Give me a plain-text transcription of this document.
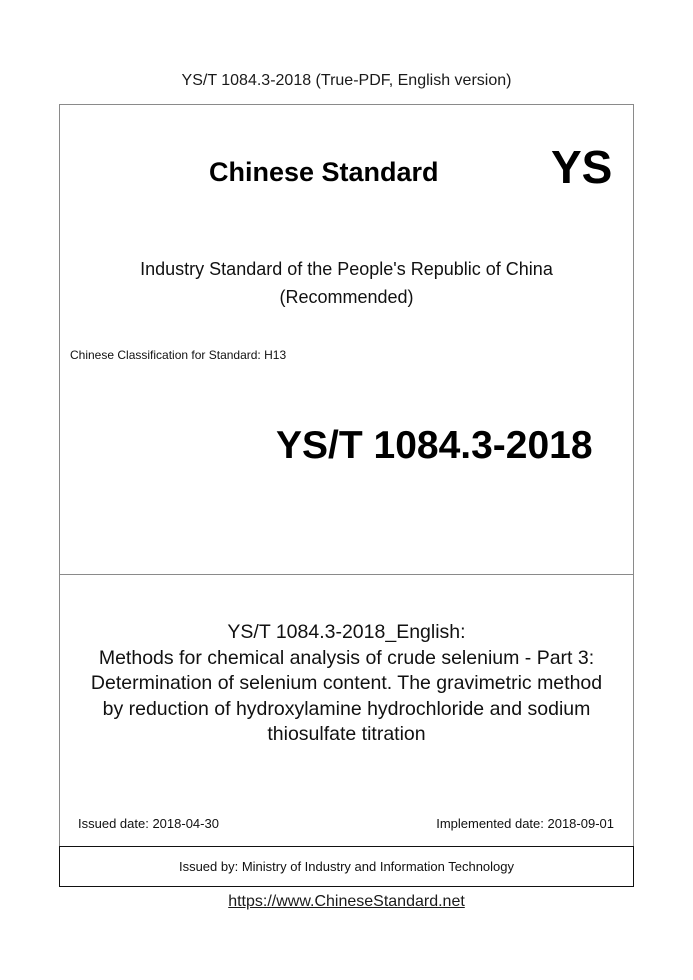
YS/T 1084.3-2018 (True-PDF, English version)
Chinese Standard YS
Industry Standard of the People's Republic of China
(Recommended)
Chinese Classification for Standard: H13
YS/T 1084.3-2018
YS/T 1084.3-2018_English:
Methods for chemical analysis of crude selenium - Part 3:
Determination of selenium content. The gravimetric method
by reduction of hydroxylamine hydrochloride and sodium
thiosulfate titration
Issued date: 2018-04-30	Implemented date: 2018-09-01
Issued by: Ministry of Industry and Information Technology
https://www.ChineseStandard.net
